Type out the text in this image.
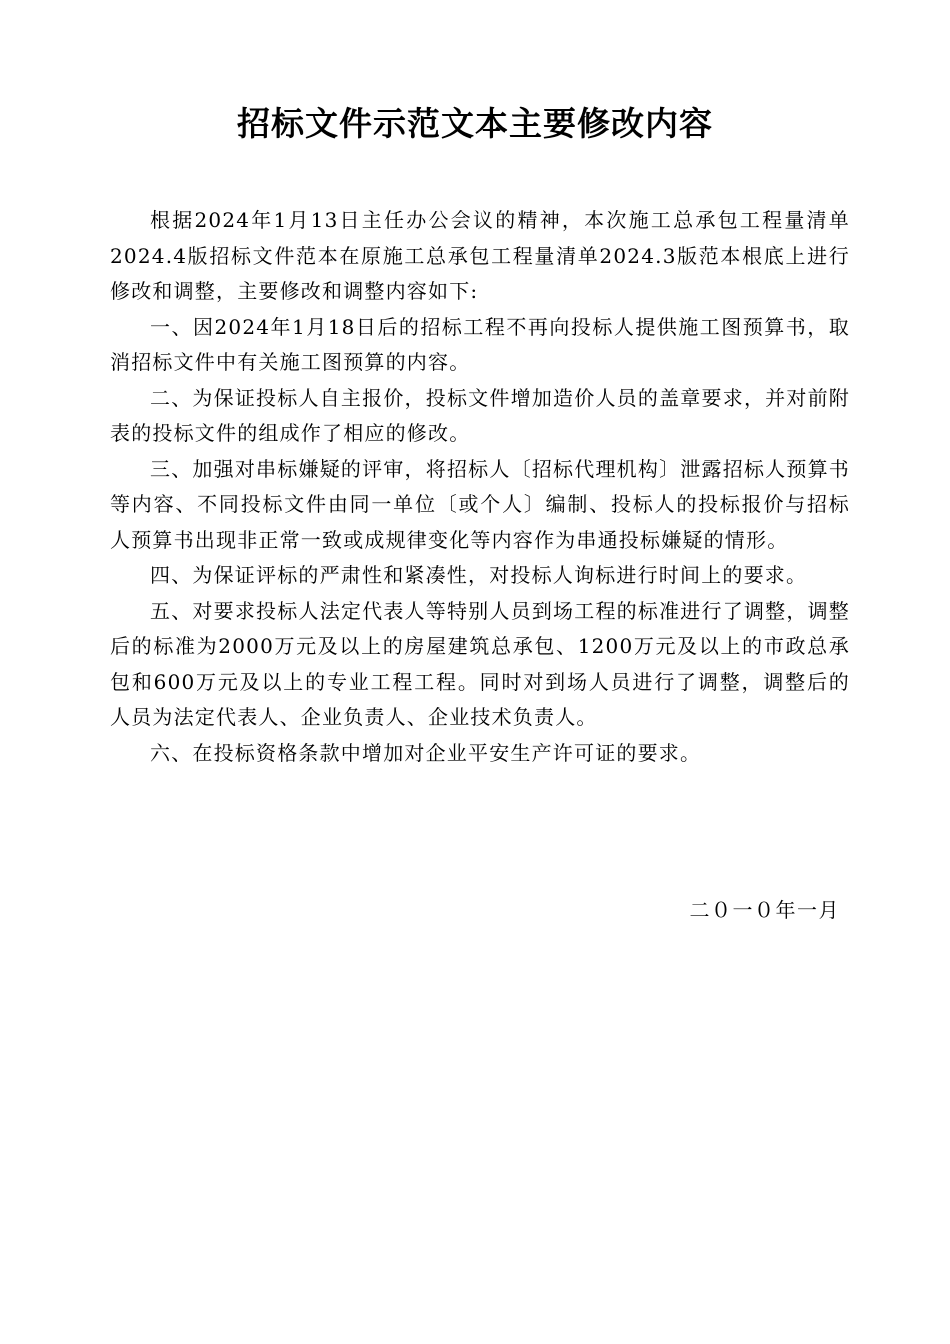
招标文件示范文本主要修改内容

根据2024年1月13日主任办公会议的精神，本次施工总承包工程量清单2024.4版招标文件范本在原施工总承包工程量清单2024.3版范本根底上进行修改和调整，主要修改和调整内容如下:

一、因2024年1月18日后的招标工程不再向投标人提供施工图预算书，取消招标文件中有关施工图预算的内容。

二、为保证投标人自主报价，投标文件增加造价人员的盖章要求，并对前附表的投标文件的组成作了相应的修改。

三、加强对串标嫌疑的评审，将招标人〔招标代理机构〕泄露招标人预算书等内容、不同投标文件由同一单位〔或个人〕编制、投标人的投标报价与招标人预算书出现非正常一致或成规律变化等内容作为串通投标嫌疑的情形。

四、为保证评标的严肃性和紧凑性，对投标人询标进行时间上的要求。

五、对要求投标人法定代表人等特别人员到场工程的标准进行了调整，调整后的标准为2000万元及以上的房屋建筑总承包、1200万元及以上的市政总承包和600万元及以上的专业工程工程。同时对到场人员进行了调整，调整后的人员为法定代表人、企业负责人、企业技术负责人。

六、在投标资格条款中增加对企业平安生产许可证的要求。

二０一０年一月
